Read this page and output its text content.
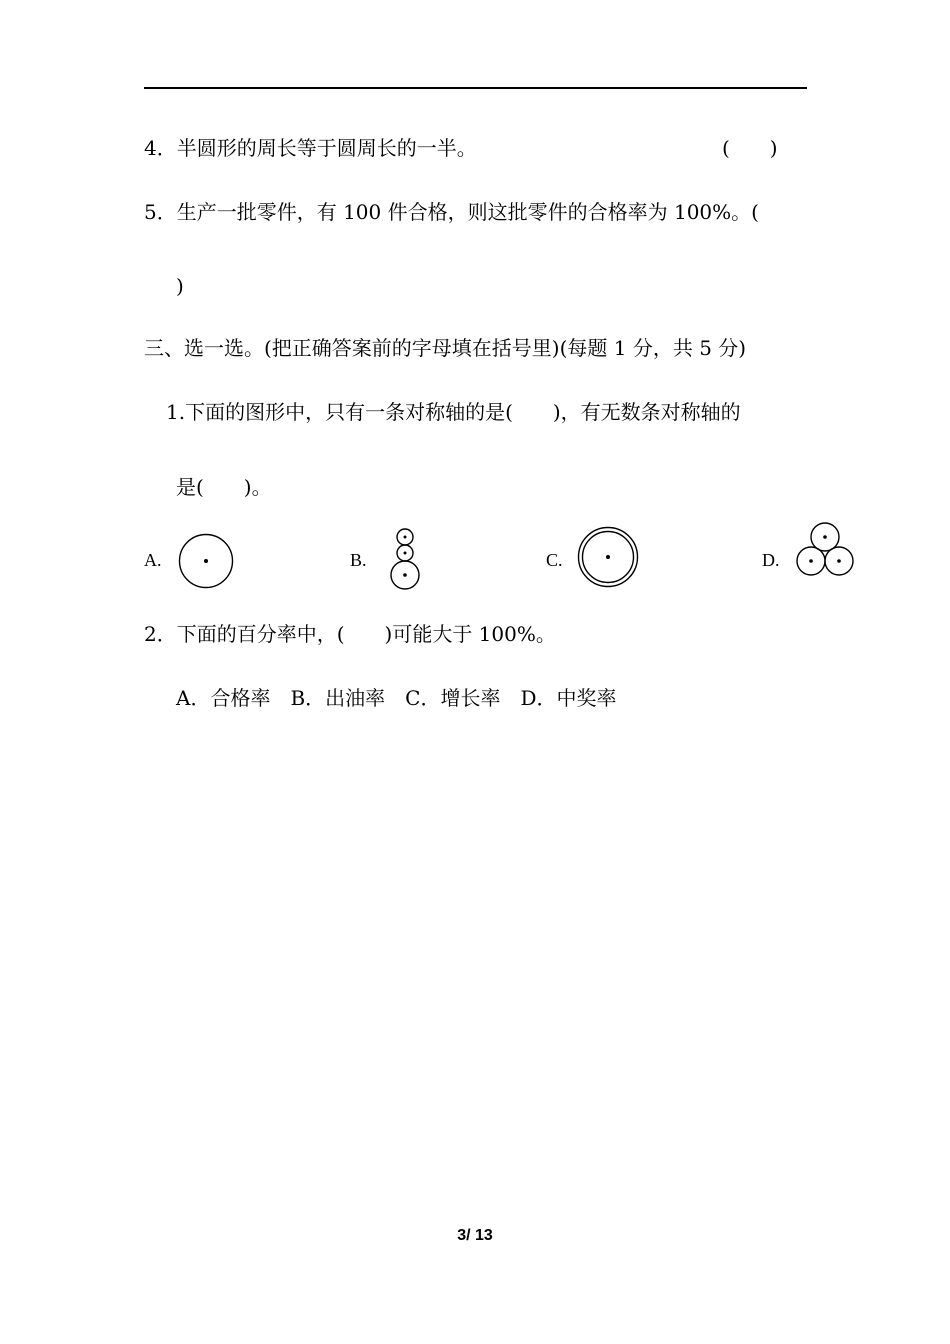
4．半圆形的周长等于圆周长的一半。	(　　)
5．生产一批零件，有 100 件合格，则这批零件的合格率为 100%。(
)
三、选一选。(把正确答案前的字母填在括号里)(每题 1 分，共 5 分)
1.下面的图形中，只有一条对称轴的是(　　)，有无数条对称轴的
是(　　)。
A.	B.	C.	D.
2．下面的百分率中，(　　)可能大于 100%。
A．合格率　B．出油率　C．增长率　D．中奖率
3/ 13
